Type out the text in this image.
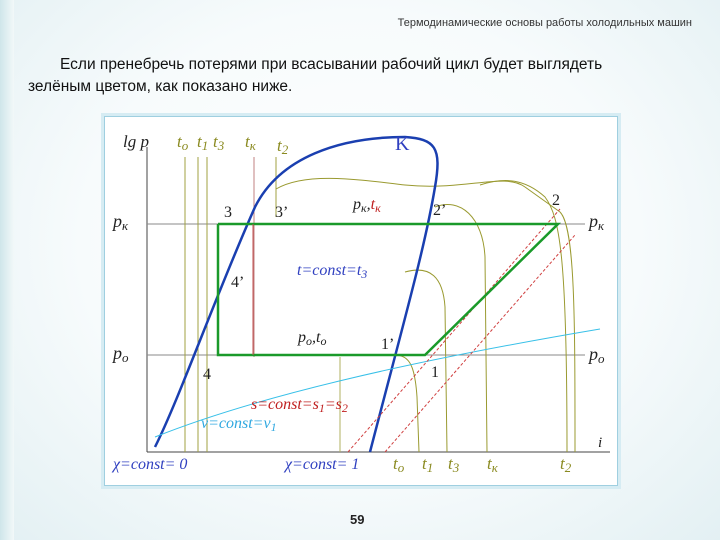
Термодинамические основы работы холодильных машин
Если пренебречь потерями при всасывании рабочий цикл будет выглядеть
зелёным цветом, как показано ниже.
lg p
i
tо t1 t3 tк t2	K
pк	pк
pо	pо
3	3’	2’
2
4’
4
1’
1
pк,tк
pо,tо
t=const=t3
s=const=s1=s2
v=const=v1
χ=const= 0	χ=const= 1 tо t1 t3 tк	t2
59
